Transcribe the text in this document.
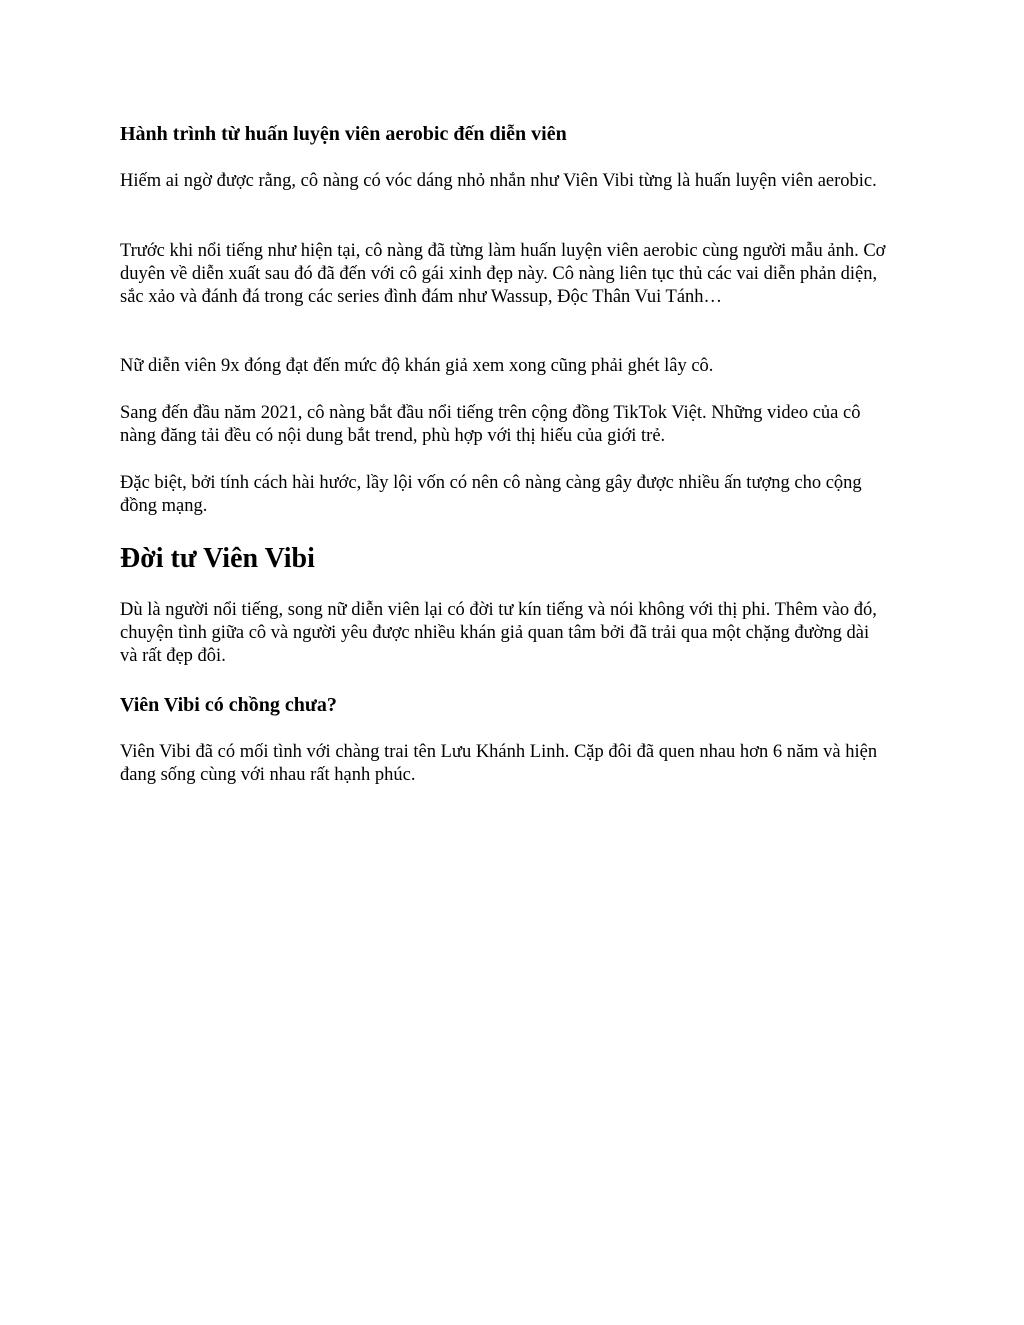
Hành trình từ huấn luyện viên aerobic đến diễn viên

Hiếm ai ngờ được rằng, cô nàng có vóc dáng nhỏ nhắn như Viên Vibi từng là huấn luyện viên aerobic.

Trước khi nổi tiếng như hiện tại, cô nàng đã từng làm huấn luyện viên aerobic cùng người mẫu ảnh. Cơ duyên về diễn xuất sau đó đã đến với cô gái xinh đẹp này. Cô nàng liên tục thủ các vai diễn phản diện, sắc xảo và đánh đá trong các series đình đám như Wassup, Độc Thân Vui Tánh…

Nữ diễn viên 9x đóng đạt đến mức độ khán giả xem xong cũng phải ghét lây cô.

Sang đến đầu năm 2021, cô nàng bắt đầu nổi tiếng trên cộng đồng TikTok Việt. Những video của cô nàng đăng tải đều có nội dung bắt trend, phù hợp với thị hiếu của giới trẻ.

Đặc biệt, bởi tính cách hài hước, lầy lội vốn có nên cô nàng càng gây được nhiều ấn tượng cho cộng đồng mạng.

Đời tư Viên Vibi

Dù là người nổi tiếng, song nữ diễn viên lại có đời tư kín tiếng và nói không với thị phi. Thêm vào đó, chuyện tình giữa cô và người yêu được nhiều khán giả quan tâm bởi đã trải qua một chặng đường dài và rất đẹp đôi.

Viên Vibi có chồng chưa?

Viên Vibi đã có mối tình với chàng trai tên Lưu Khánh Linh. Cặp đôi đã quen nhau hơn 6 năm và hiện đang sống cùng với nhau rất hạnh phúc.
